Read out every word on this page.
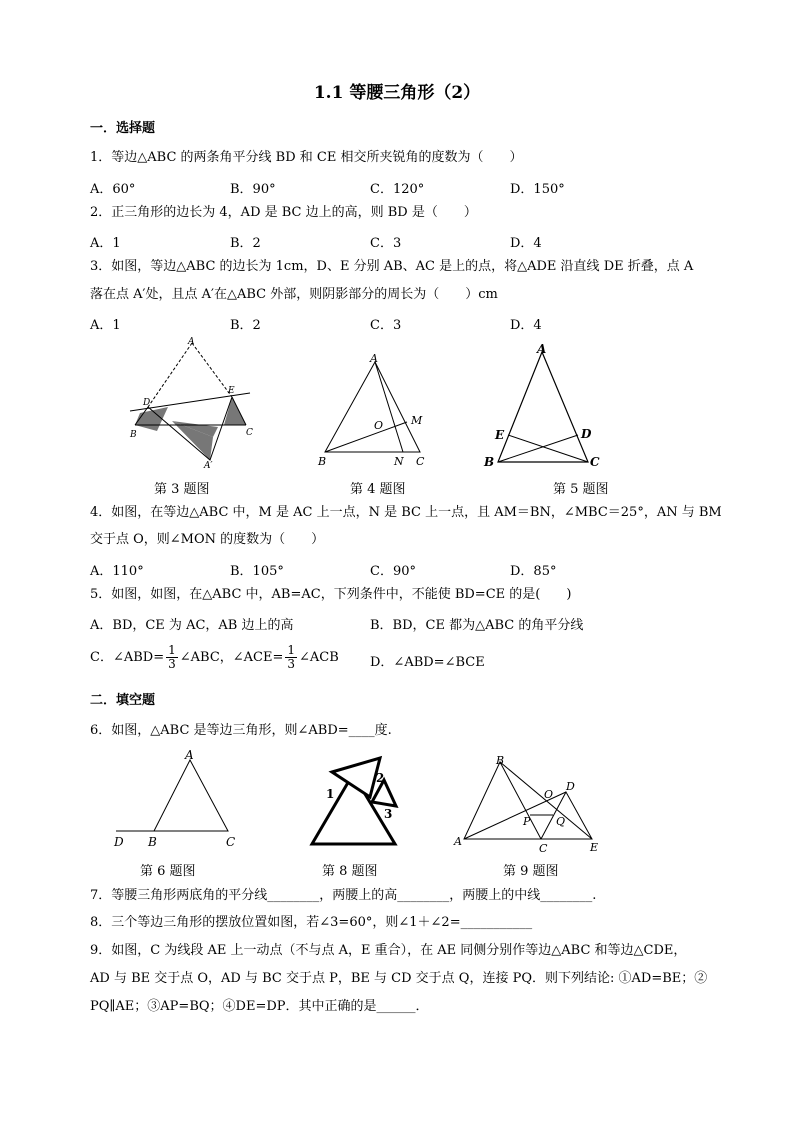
1.1 等腰三角形（2）
一．选择题
1．等边△ABC 的两条角平分线 BD 和 CE 相交所夹锐角的度数为（　　）
A．60°	B．90°	C．120°	D．150°
2．正三角形的边长为 4，AD 是 BC 边上的高，则 BD 是（　　）
A．1	B．2	C．3	D．4
3．如图，等边△ABC 的边长为 1cm，D、E 分别 AB、AC 是上的点，将△ADE 沿直线 DE 折叠，点 A
落在点 A′处，且点 A′在△ABC 外部，则阴影部分的周长为（　　）cm
A．1	B．2	C．3	D．4
A
D
E
B	C
A′
第 3 题图
A
M
O
B	N C
第 4 题图
A
E	D
B	C
第 5 题图
4．如图，在等边△ABC 中，M 是 AC 上一点，N 是 BC 上一点，且 AM＝BN，∠MBC＝25°，AN 与 BM
交于点 O，则∠MON 的度数为（　　）
A．110°	B．105°	C．90°	D．85°
5．如图，如图，在△ABC 中，AB=AC，下列条件中，不能使 BD=CE 的是(　　)
A．BD，CE 为 AC，AB 边上的高	B．BD，CE 都为△ABC 的角平分线
C．∠ABD= $\frac{1}{3}$ ∠ABC，∠ACE= $\frac{1}{3}$ ∠ACB D．∠ABD=∠BCE
二．填空题
6．如图，△ABC 是等边三角形，则∠ABD=____度.
A
D B	C
第 6 题图
1
2
3
第 8 题图
B
D
O
P Q
A
C	E
第 9 题图
7．等腰三角形两底角的平分线________，两腰上的高________，两腰上的中线________.
8．三个等边三角形的摆放位置如图，若∠3=60°，则∠1＋∠2=___________
9．如图，C 为线段 AE 上一动点（不与点 A，E 重合），在 AE 同侧分别作等边△ABC 和等边△CDE，
AD 与 BE 交于点 O，AD 与 BC 交于点 P，BE 与 CD 交于点 Q，连接 PQ．则下列结论: ①AD=BE；②
PQ∥AE；③AP=BQ；④DE=DP．其中正确的是______．
